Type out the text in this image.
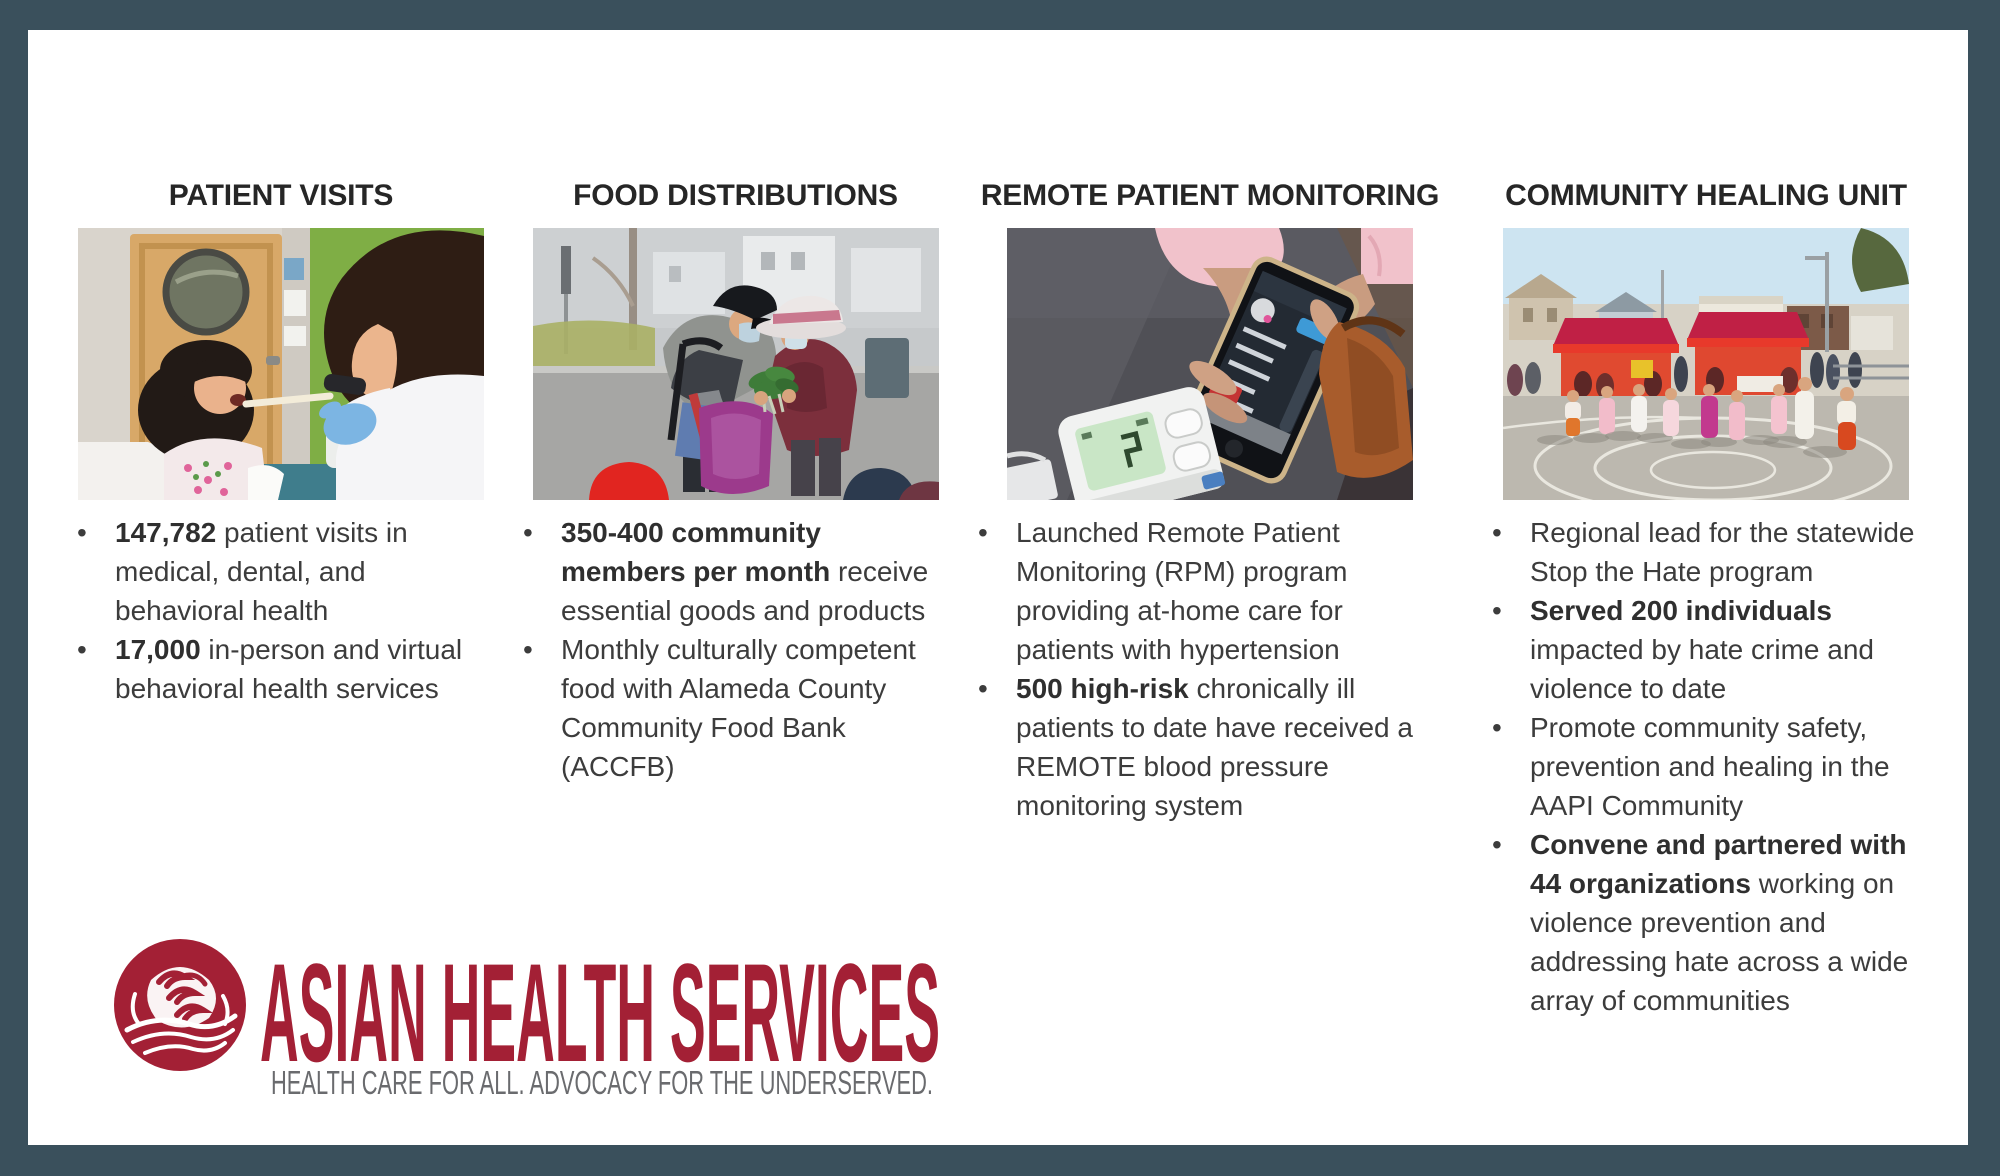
PATIENT VISITS
• 147,782 patient visits in medical, dental, and behavioral health
• 17,000 in-person and virtual behavioral health services
FOOD DISTRIBUTIONS
• 350-400 community members per month receive essential goods and products
• Monthly culturally competent food with Alameda County Community Food Bank (ACCFB)
REMOTE PATIENT MONITORING
• Launched Remote Patient Monitoring (RPM) program providing at-home care for patients with hypertension
• 500 high-risk chronically ill patients to date have received a REMOTE blood pressure monitoring system
COMMUNITY HEALING UNIT
• Regional lead for the statewide Stop the Hate program
• Served 200 individuals impacted by hate crime and violence to date
• Promote community safety, prevention and healing in the AAPI Community
• Convene and partnered with 44 organizations working on violence prevention and addressing hate across a wide array of communities
ASIAN HEALTH SERVICES
HEALTH CARE FOR ALL. ADVOCACY FOR THE UNDERSERVED.
